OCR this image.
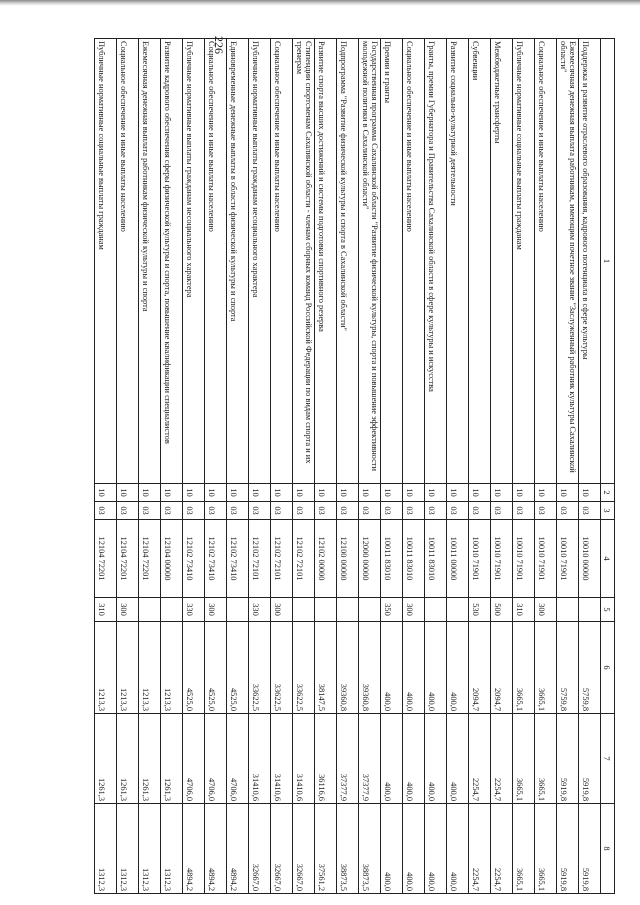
226
1	2	3	4	5	6	7	8
Поддержка и развитие отраслевого образования, кадрового потенциала в сфере культуры	10	03	10010 00000		5759,8	5919,8	5919,8
Ежемесячная денежная выплата работникам, имеющим почетное звание "Заслуженный работник культуры Сахалинской области"	10	03	10010 71901		5759,8	5919,8	5919,8
Социальное обеспечение и иные выплаты населению	10	03	10010 71901	300	3665,1	3665,1	3665,1
Публичные нормативные социальные выплаты гражданам	10	03	10010 71901	310	3665,1	3665,1	3665,1
Межбюджетные трансферты	10	03	10010 71901	500	2094,7	2254,7	2254,7
Субвенции	10	03	10010 71901	530	2094,7	2254,7	2254,7
Развитие социально-культурной деятельности	10	03	10011 00000		400,0	400,0	400,0
Гранты, премии Губернатора и Правительства Сахалинской области в сфере культуры и искусства	10	03	10011 83010		400,0	400,0	400,0
Социальное обеспечение и иные выплаты населению	10	03	10011 83010	300	400,0	400,0	400,0
Премии и гранты	10	03	10011 83010	350	400,0	400,0	400,0
Государственная программа Сахалинской области "Развитие физической культуры, спорта и повышение эффективности молодежной политики в Сахалинской области"	10	03	12000 00000		39360,8	37377,9	38873,5
Подпрограмма "Развитие физической культуры и спорта в Сахалинской области"	10	03	12100 00000		39360,8	37377,9	38873,5
Развитие спорта высших достижений и системы подготовки спортивного резерва	10	03	12102 00000		38147,5	36116,6	37561,2
Стипендии спортсменам Сахалинской области - членам сборных команд Российской Федерации по видам спорта и их тренерам	10	03	12102 72101		33622,5	31410,6	32667,0
Социальное обеспечение и иные выплаты населению	10	03	12102 72101	300	33622,5	31410,6	32667,0
Публичные нормативные выплаты гражданам несоциального характера	10	03	12102 72101	330	33622,5	31410,6	32667,0
Единовременные денежные выплаты в области физической культуры и спорта	10	03	12102 73410		4525,0	4706,0	4894,2
Социальное обеспечение и иные выплаты населению	10	03	12102 73410	300	4525,0	4706,0	4894,2
Публичные нормативные выплаты гражданам несоциального характера	10	03	12102 73410	330	4525,0	4706,0	4894,2
Развитие кадрового обеспечения сферы физической культуры и спорта, повышение квалификации специалистов	10	03	12104 00000		1213,3	1261,3	1312,3
Ежемесячная денежная выплата работникам физической культуры и спорта	10	03	12104 72201		1213,3	1261,3	1312,3
Социальное обеспечение и иные выплаты населению	10	03	12104 72201	300	1213,3	1261,3	1312,3
Публичные нормативные социальные выплаты гражданам	10	03	12104 72201	310	1213,3	1261,3	1312,3
